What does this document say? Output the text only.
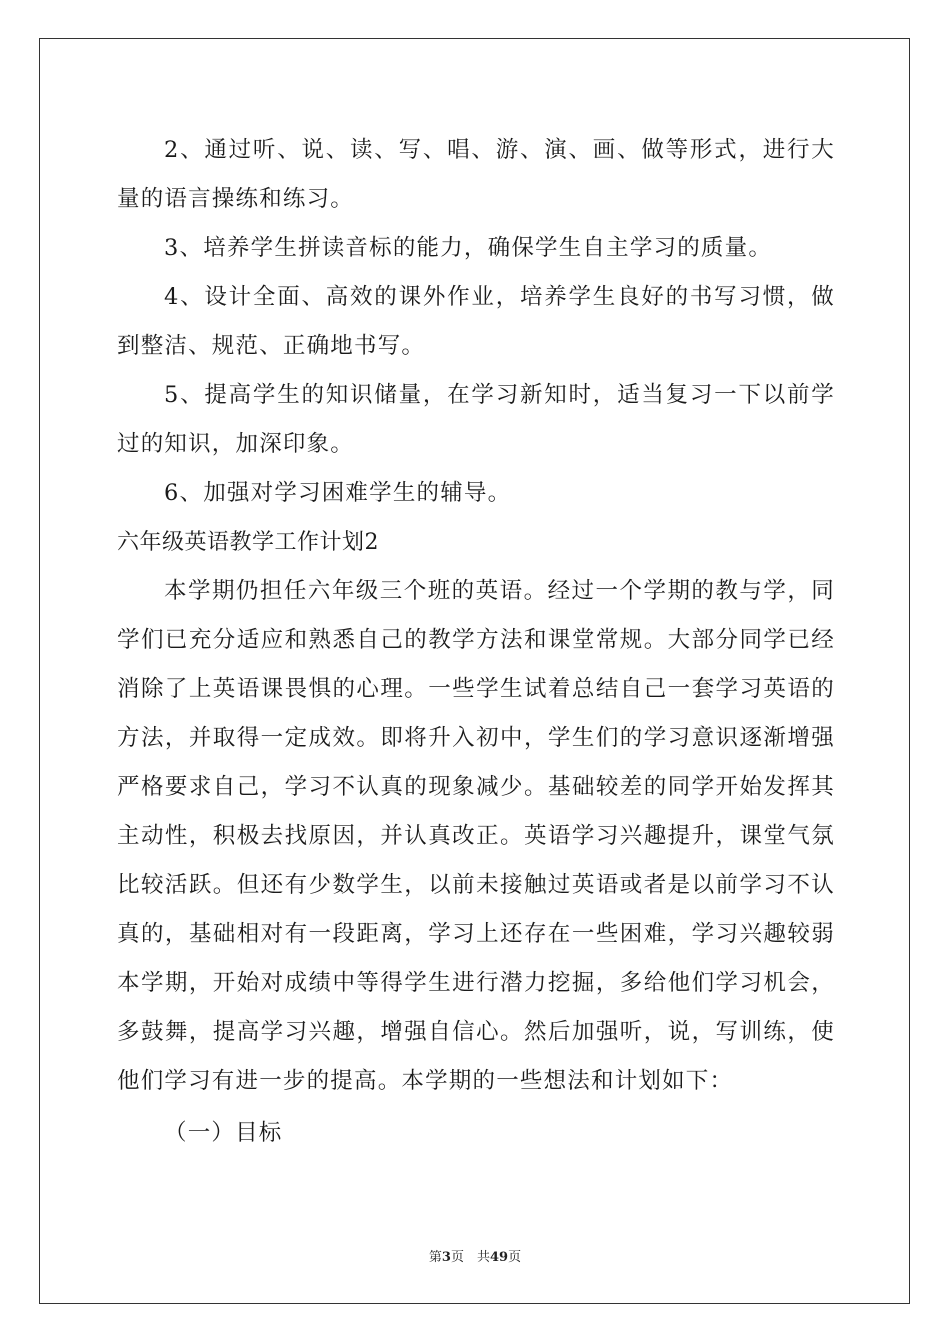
2、通过听、说、读、写、唱、游、演、画、做等形式，进行大量的语言操练和练习。

3、培养学生拼读音标的能力，确保学生自主学习的质量。

4、设计全面、高效的课外作业，培养学生良好的书写习惯，做到整洁、规范、正确地书写。

5、提高学生的知识储量，在学习新知时，适当复习一下以前学过的知识，加深印象。

6、加强对学习困难学生的辅导。

六年级英语教学工作计划2

本学期仍担任六年级三个班的英语。经过一个学期的教与学，同学们已充分适应和熟悉自己的教学方法和课堂常规。大部分同学已经消除了上英语课畏惧的心理。一些学生试着总结自己一套学习英语的方法，并取得一定成效。即将升入初中，学生们的学习意识逐渐增强严格要求自己，学习不认真的现象减少。基础较差的同学开始发挥其主动性，积极去找原因，并认真改正。英语学习兴趣提升，课堂气氛比较活跃。但还有少数学生，以前未接触过英语或者是以前学习不认真的，基础相对有一段距离，学习上还存在一些困难，学习兴趣较弱本学期，开始对成绩中等得学生进行潜力挖掘，多给他们学习机会，多鼓舞，提高学习兴趣，增强自信心。然后加强听，说，写训练，使他们学习有进一步的提高。本学期的一些想法和计划如下：

（一）目标

第3页　共49页
